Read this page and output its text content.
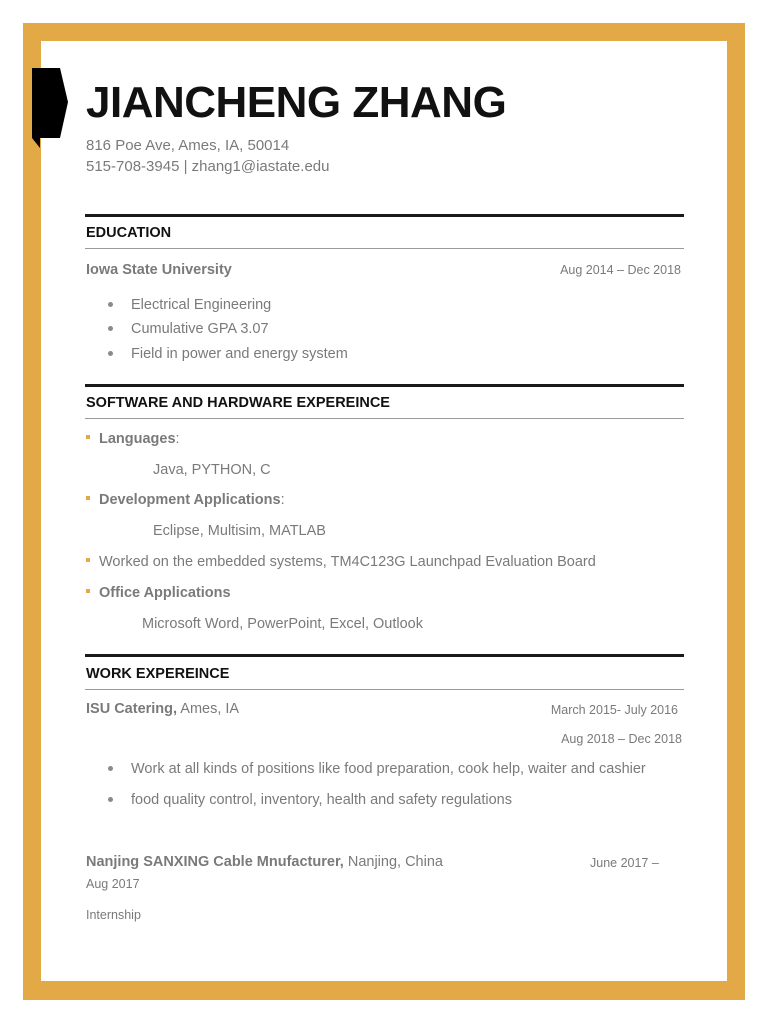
JIANCHENG ZHANG
816 Poe Ave, Ames, IA, 50014
515-708-3945 | zhang1@iastate.edu
EDUCATION
Iowa State University	Aug 2014 – Dec 2018
Electrical Engineering
Cumulative GPA 3.07
Field in power and energy system
SOFTWARE AND HARDWARE EXPEREINCE
Languages:
Java, PYTHON, C
Development Applications:
Eclipse, Multisim, MATLAB
Worked on the embedded systems, TM4C123G Launchpad Evaluation Board
Office Applications
Microsoft Word, PowerPoint, Excel, Outlook
WORK EXPEREINCE
ISU Catering, Ames, IA	March 2015- July 2016
Aug 2018 – Dec 2018
Work at all kinds of positions like food preparation, cook help, waiter and cashier
food quality control, inventory, health and safety regulations
Nanjing SANXING Cable Mnufacturer, Nanjing, China	June 2017 –
Aug 2017
Internship
